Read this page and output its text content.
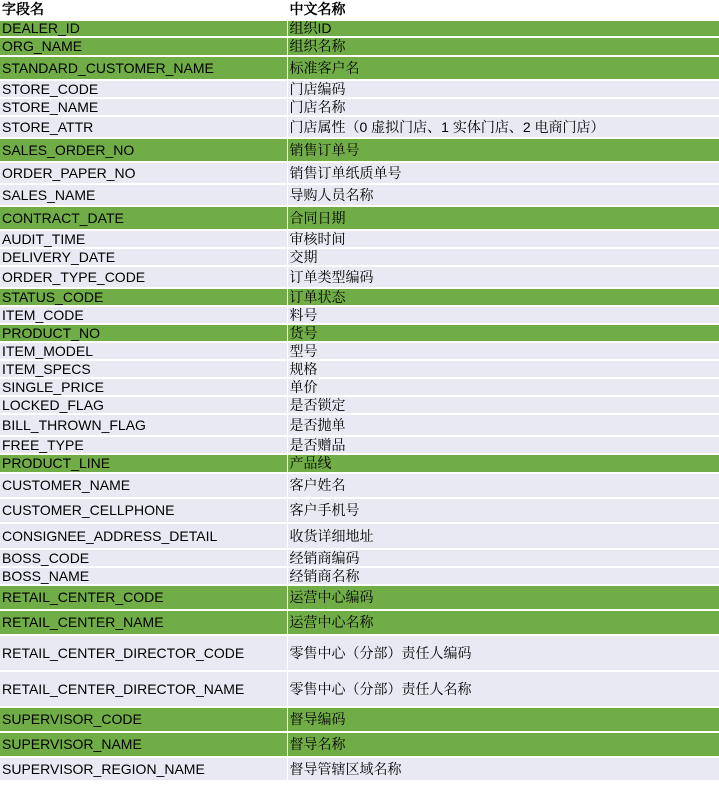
字段名	中文名称
DEALER_ID	组织ID
ORG_NAME	组织名称
STANDARD_CUSTOMER_NAME	标准客户名
STORE_CODE	门店编码
STORE_NAME	门店名称
STORE_ATTR	门店属性（0 虚拟门店、1 实体门店、2 电商门店）
SALES_ORDER_NO	销售订单号
ORDER_PAPER_NO	销售订单纸质单号
SALES_NAME	导购人员名称
CONTRACT_DATE	合同日期
AUDIT_TIME	审核时间
DELIVERY_DATE	交期
ORDER_TYPE_CODE	订单类型编码
STATUS_CODE	订单状态
ITEM_CODE	料号
PRODUCT_NO	货号
ITEM_MODEL	型号
ITEM_SPECS	规格
SINGLE_PRICE	单价
LOCKED_FLAG	是否锁定
BILL_THROWN_FLAG	是否抛单
FREE_TYPE	是否赠品
PRODUCT_LINE	产品线
CUSTOMER_NAME	客户姓名
CUSTOMER_CELLPHONE	客户手机号
CONSIGNEE_ADDRESS_DETAIL	收货详细地址
BOSS_CODE	经销商编码
BOSS_NAME	经销商名称
RETAIL_CENTER_CODE	运营中心编码
RETAIL_CENTER_NAME	运营中心名称
RETAIL_CENTER_DIRECTOR_CODE	零售中心（分部）责任人编码
RETAIL_CENTER_DIRECTOR_NAME	零售中心（分部）责任人名称
SUPERVISOR_CODE	督导编码
SUPERVISOR_NAME	督导名称
SUPERVISOR_REGION_NAME	督导管辖区域名称
